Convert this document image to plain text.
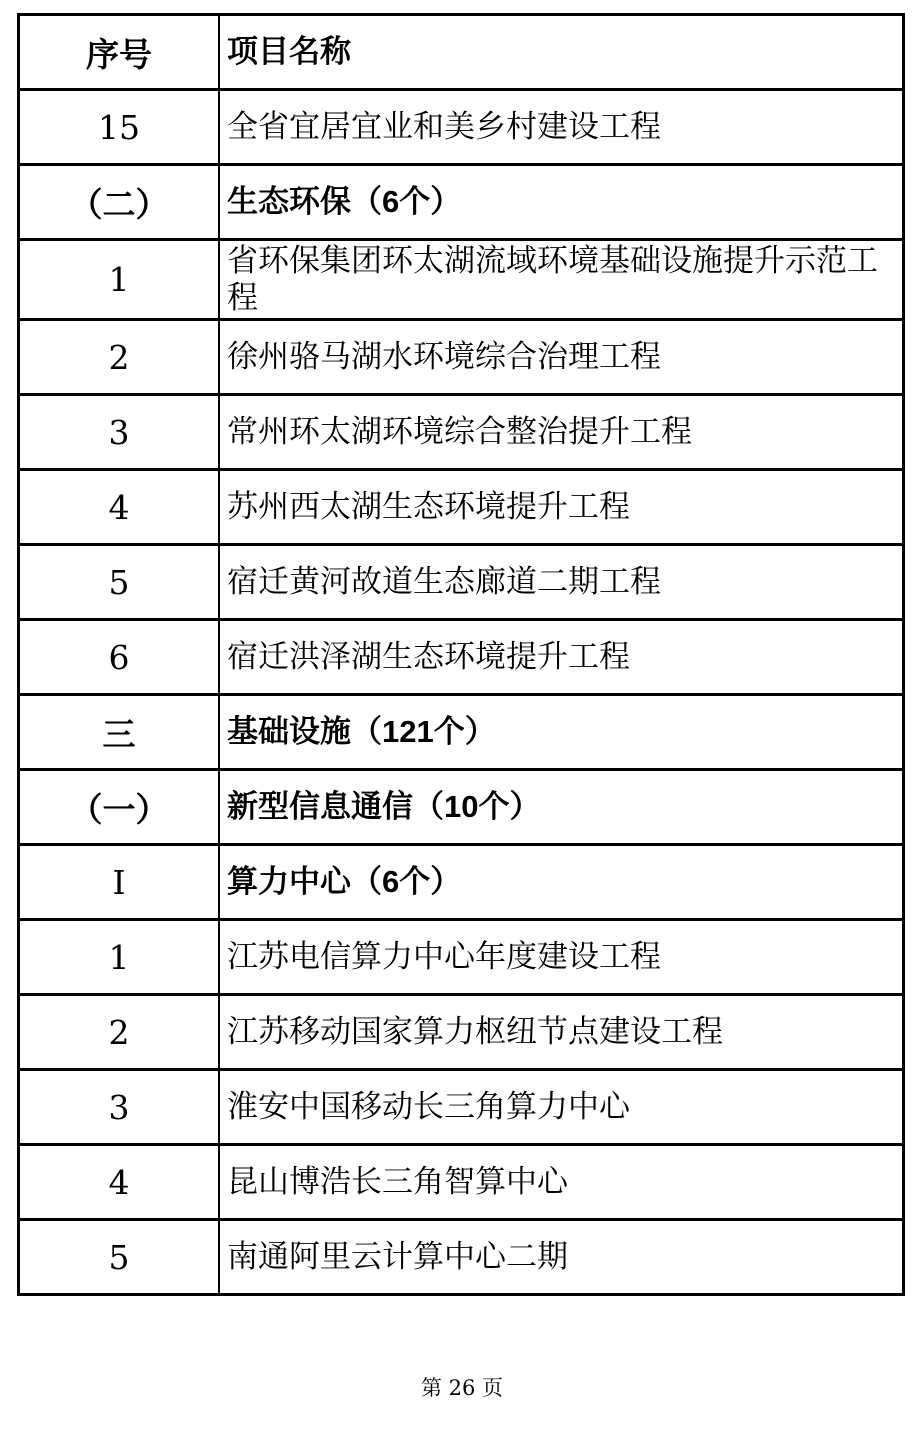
序号	项目名称
15	全省宜居宜业和美乡村建设工程
（二）	生态环保（6个）
1	省环保集团环太湖流域环境基础设施提升示范工程
2	徐州骆马湖水环境综合治理工程
3	常州环太湖环境综合整治提升工程
4	苏州西太湖生态环境提升工程
5	宿迁黄河故道生态廊道二期工程
6	宿迁洪泽湖生态环境提升工程
三	基础设施（121个）
（一）	新型信息通信（10个）
I	算力中心（6个）
1	江苏电信算力中心年度建设工程
2	江苏移动国家算力枢纽节点建设工程
3	淮安中国移动长三角算力中心
4	昆山博浩长三角智算中心
5	南通阿里云计算中心二期
第 26 页
